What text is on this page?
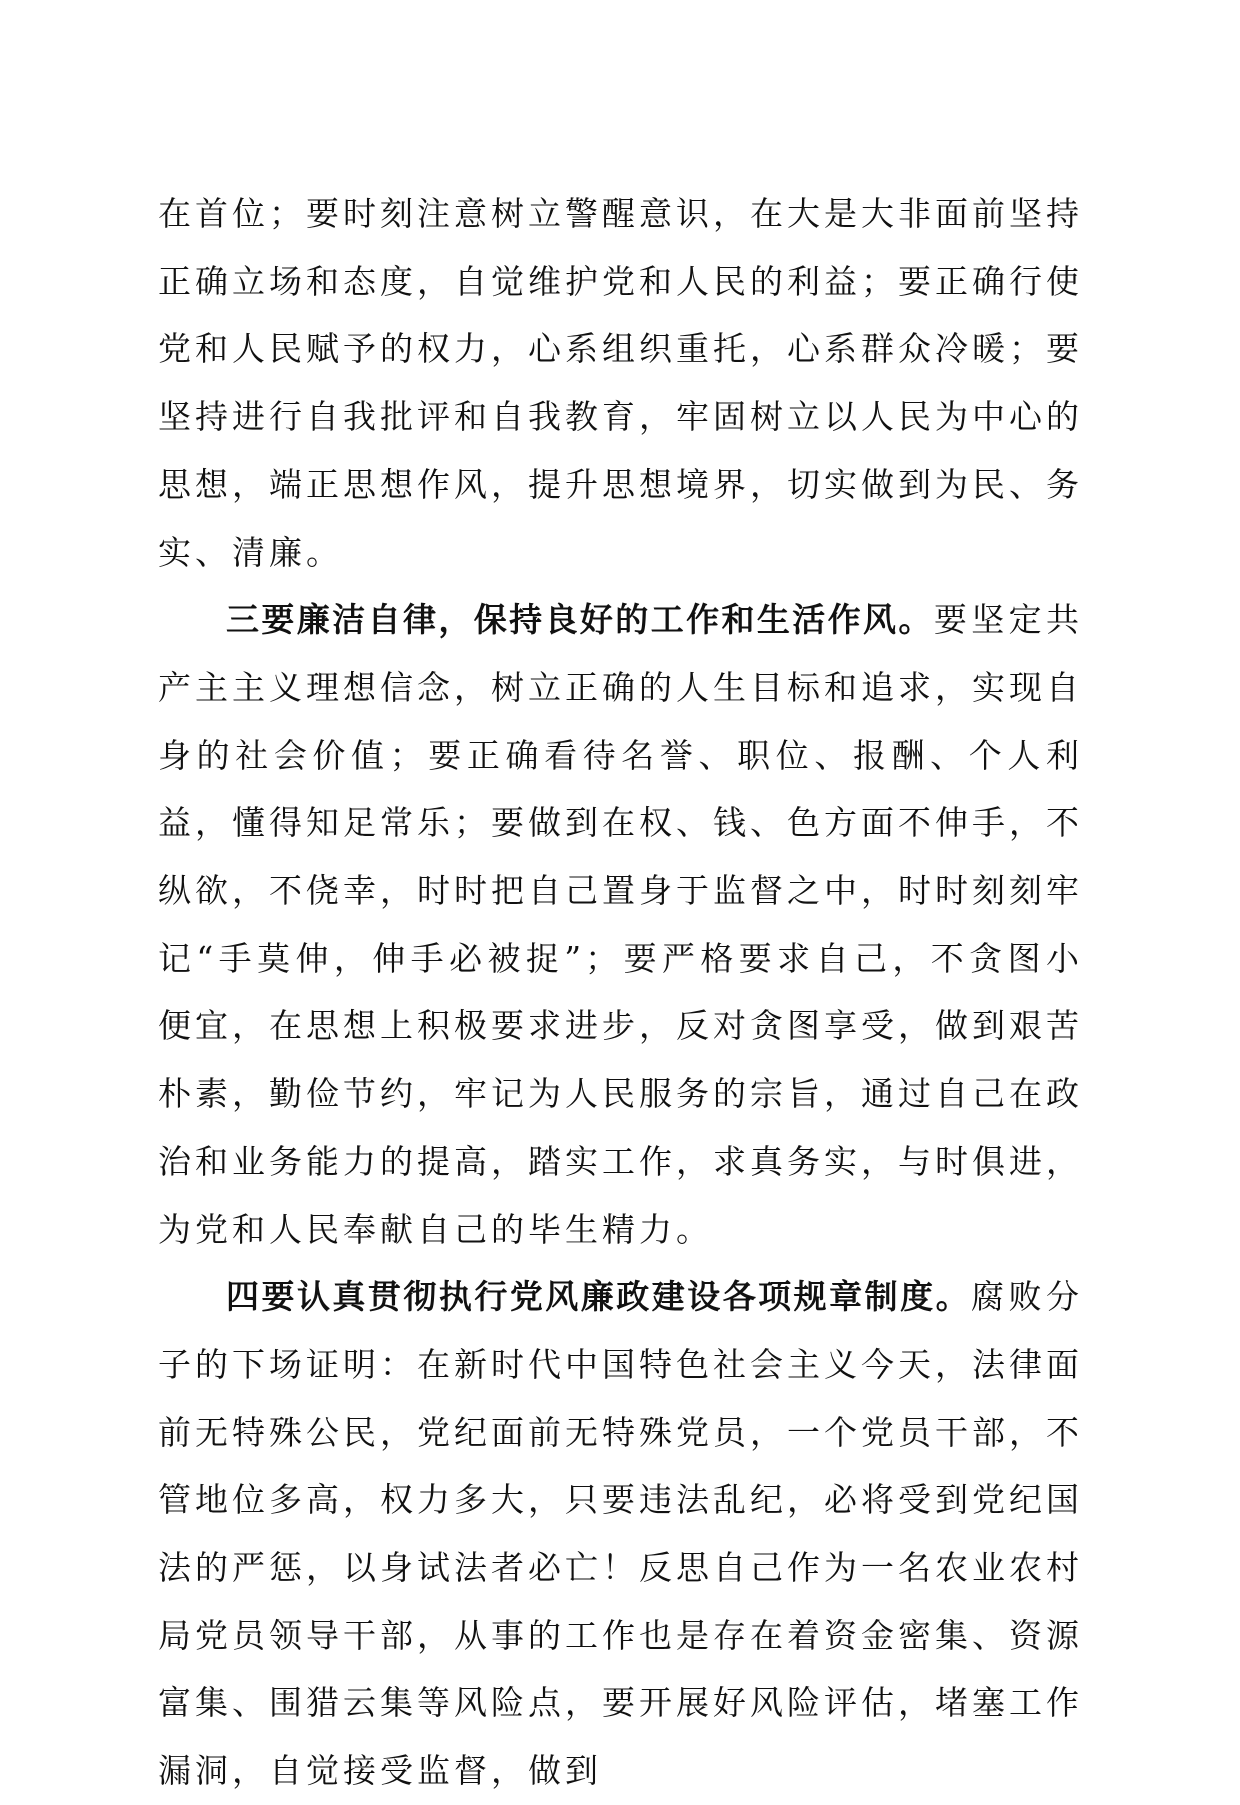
在首位；要时刻注意树立警醒意识，在大是大非面前坚持正确立场和态度，自觉维护党和人民的利益；要正确行使党和人民赋予的权力，心系组织重托，心系群众冷暖；要坚持进行自我批评和自我教育，牢固树立以人民为中心的思想，端正思想作风，提升思想境界，切实做到为民、务实、清廉。

三要廉洁自律，保持良好的工作和生活作风。要坚定共产主主义理想信念，树立正确的人生目标和追求，实现自身的社会价值；要正确看待名誉、职位、报酬、个人利益，懂得知足常乐；要做到在权、钱、色方面不伸手，不纵欲，不侥幸，时时把自己置身于监督之中，时时刻刻牢记“手莫伸，伸手必被捉”；要严格要求自己，不贪图小便宜，在思想上积极要求进步，反对贪图享受，做到艰苦朴素，勤俭节约，牢记为人民服务的宗旨，通过自己在政治和业务能力的提高，踏实工作，求真务实，与时俱进，为党和人民奉献自己的毕生精力。

四要认真贯彻执行党风廉政建设各项规章制度。腐败分子的下场证明：在新时代中国特色社会主义今天，法律面前无特殊公民，党纪面前无特殊党员，一个党员干部，不管地位多高，权力多大，只要违法乱纪，必将受到党纪国法的严惩，以身试法者必亡！反思自己作为一名农业农村局党员领导干部，从事的工作也是存在着资金密集、资源富集、围猎云集等风险点，要开展好风险评估，堵塞工作漏洞，自觉接受监督，做到
